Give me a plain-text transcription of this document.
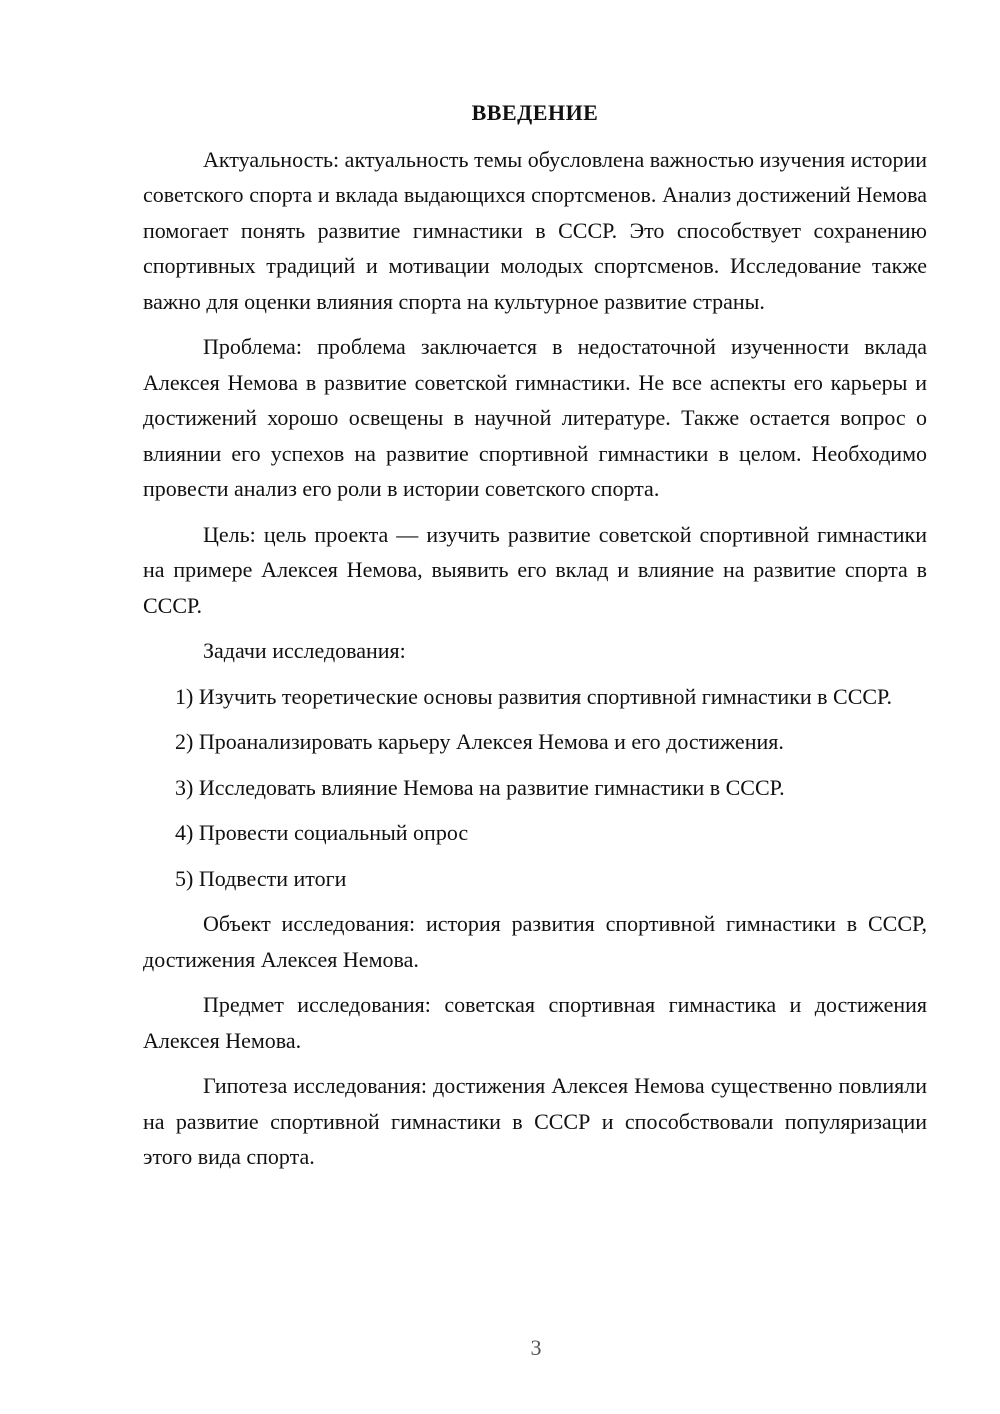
ВВЕДЕНИЕ

Актуальность: актуальность темы обусловлена важностью изучения истории советского спорта и вклада выдающихся спортсменов. Анализ достижений Немова помогает понять развитие гимнастики в СССР. Это способствует сохранению спортивных традиций и мотивации молодых спортсменов. Исследование также важно для оценки влияния спорта на культурное развитие страны.

Проблема: проблема заключается в недостаточной изученности вклада Алексея Немова в развитие советской гимнастики. Не все аспекты его карьеры и достижений хорошо освещены в научной литературе. Также остается вопрос о влиянии его успехов на развитие спортивной гимнастики в целом. Необходимо провести анализ его роли в истории советского спорта.

Цель: цель проекта — изучить развитие советской спортивной гимнастики на примере Алексея Немова, выявить его вклад и влияние на развитие спорта в СССР.

Задачи исследования:

1) Изучить теоретические основы развития спортивной гимнастики в СССР.

2) Проанализировать карьеру Алексея Немова и его достижения.

3) Исследовать влияние Немова на развитие гимнастики в СССР.

4) Провести социальный опрос

5) Подвести итоги

Объект исследования: история развития спортивной гимнастики в СССР, достижения Алексея Немова.

Предмет исследования: советская спортивная гимнастика и достижения Алексея Немова.

Гипотеза исследования: достижения Алексея Немова существенно повлияли на развитие спортивной гимнастики в СССР и способствовали популяризации этого вида спорта.

3
